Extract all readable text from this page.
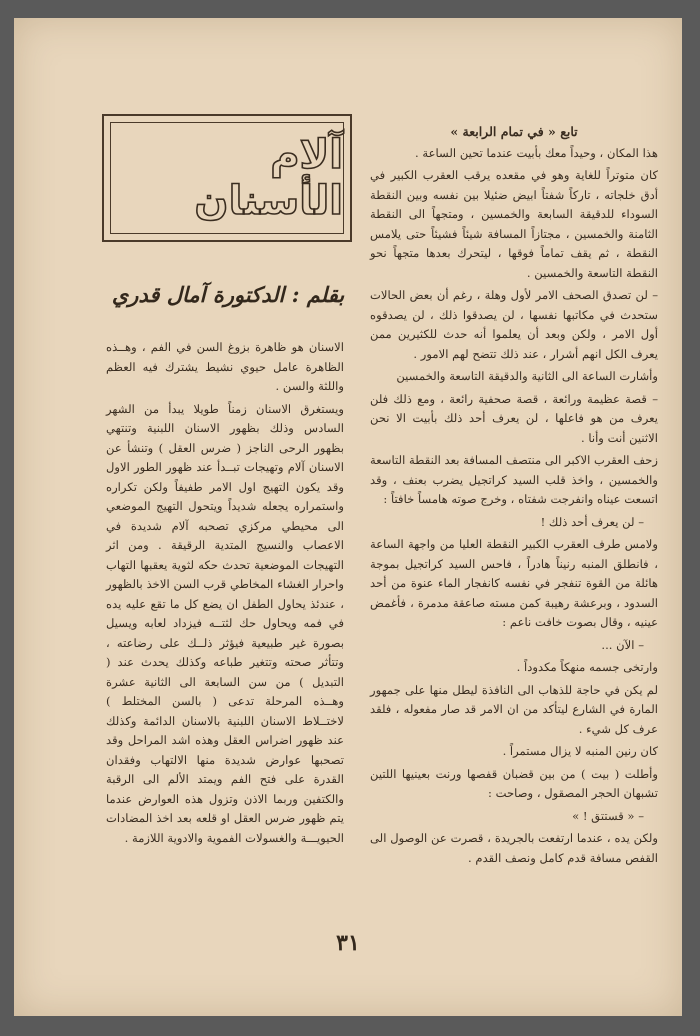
آلام الأسنان
بقلم : الدكتورة آمال قدري

الاسنان هو ظاهرة بزوغ السن في الفم ، وهــذه الظاهرة عامل حيوي نشيط يشترك فيه العظم واللثة والسن .

ويستغرق الاسنان زمناً طويلا يبدأ من الشهر السادس وذلك بظهور الاسنان اللبنية وتنتهي بظهور الرحى الناجز ( ضرس العقل ) وتنشأ عن الاسنان آلام وتهيجات تبــدأ عند ظهور الطور الاول وقد يكون التهيج اول الامر طفيفاً ولكن تكراره واستمراره يجعله شديداً ويتحول التهيج الموضعي الى محيطي مركزي تصحبه آلام شديدة في الاعصاب والنسيج المتدية الرقيقة . ومن اثر التهيجات الموضعية تحدث حكه لثوية يعقبها التهاب واحرار الغشاء المخاطي قرب السن الاخذ بالظهور ، عندئذ يحاول الطفل ان يضع كل ما تقع عليه يده في فمه ويحاول حك لثتــه فيزداد لعابه ويسيل بصورة غير طبيعية فيؤثر ذلــك على رضاعته ، وتتأثر صحته وتتغير طباعه وكذلك يحدث عند ( التبديل ) من سن السابعة الى الثانية عشرة وهــذه المرحلة تدعى ( بالسن المختلط ) لاختــلاط الاسنان اللبنية بالاسنان الدائمة وكذلك عند ظهور اضراس العقل وهذه اشد المراحل وقد تصحبها عوارض شديدة منها الالتهاب وفقدان القدرة على فتح الفم ويمتد الألم الى الرقبة والكتفين وربما الاذن وتزول هذه العوارض عندما يتم ظهور ضرس العقل او قلعه بعد اخذ المضادات الحيويـــة والغسولات الفموية والادوية اللازمة .

تابع « في تمام الرابعة »

هذا المكان ، وحيداً معك بأبيت عندما تحين الساعة .

كان متوتراً للغاية وهو في مقعده يرقب العقرب الكبير في أدق خلجاته ، تاركاً شفتاً ابيض ضئيلا بين نفسه وبين النقطة السوداء للدقيقة السابعة والخمسين ، ومتجهاً الى النقطة الثامنة والخمسين ، مجتازاً المسافة شيئاً فشيئاً حتى يلامس النقطة ، ثم يقف تماماً فوقها ، ليتحرك بعدها متجهاً نحو النقطة التاسعة والخمسين .

– لن تصدق الصحف الامر لأول وهلة ، رغم أن بعض الحالات ستحدث في مكاتبها نفسها ، لن يصدقوا ذلك ، لن يصدقوه أول الامر ، ولكن وبعد أن يعلموا أنه حدث للكثيرين ممن يعرف الكل انهم أشرار ، عند ذلك تتضح لهم الامور .

وأشارت الساعة الى الثانية والدقيقة التاسعة والخمسين

– قصة عظيمة ورائعة ، قصة صحفية رائعة ، ومع ذلك فلن يعرف من هو فاعلها ، لن يعرف أحد ذلك بأبيت الا نحن الاثنين أنت وأنا .

زحف العقرب الاكبر الى منتصف المسافة بعد النقطة التاسعة والخمسين ، واخذ قلب السيد كراتجيل يضرب بعنف ، وقد اتسعت عيناه وانفرجت شفتاه ، وخرج صوته هامساً خافتاً :

– لن يعرف أحد ذلك !

ولامس طرف العقرب الكبير النقطة العليا من واجهة الساعة ، فانطلق المنبه رنيناً هادراً ، فاحس السيد كراتجيل بموجة هائلة من القوة تنفجر في نفسه كانفجار الماء عنوة من أحد السدود ، وبرعشة رهيبة كمن مسته صاعقة مدمرة ، فأغمض عينيه ، وقال بصوت خافت ناعم :

– الآن ...

وارتخى جسمه منهكاً مكدوداً .

لم يكن في حاجة للذهاب الى النافذة ليطل منها على جمهور المارة في الشارع ليتأكد من ان الامر قد صار مفعوله ، فلقد عرف كل شيء .

كان رنين المنبه لا يزال مستمراً .

وأطلت ( بيت ) من بين قضبان قفصها ورنت بعينيها اللتين تشبهان الحجر المصقول ، وصاحت :

– « قستتق ! »

ولكن يده ، عندما ارتفعت بالجريدة ، قصرت عن الوصول الى القفص مسافة قدم كامل ونصف القدم .

٣١
